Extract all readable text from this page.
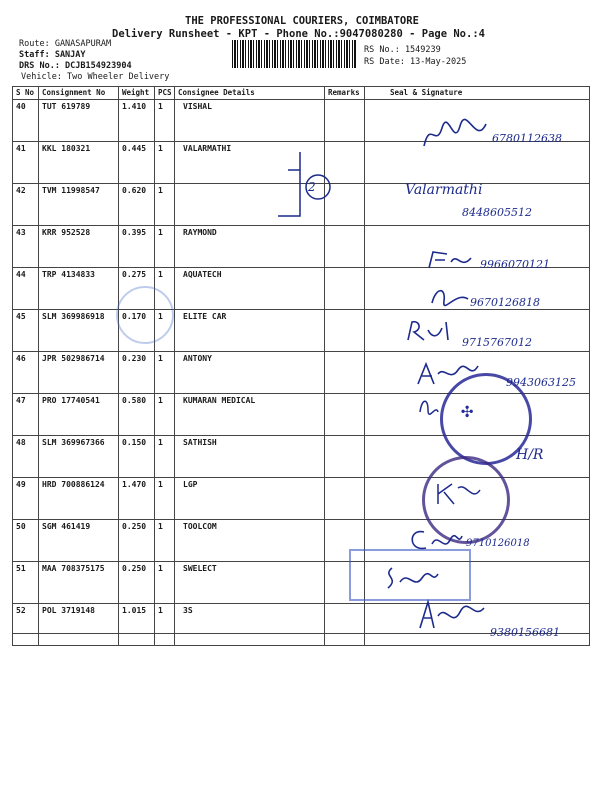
THE PROFESSIONAL COURIERS, COIMBATORE
Delivery Runsheet - KPT - Phone No.:9047080280 - Page No.:4
Route: GANASAPURAM
Staff: SANJAY
DRS No.: DCJB154923904
Vehicle: Two Wheeler Delivery
RS No.: 1549239
RS Date: 13-May-2025
S No	Consignment No	Weight	PCS	Consignee Details	Remarks	Seal & Signature
40	TUT 619789	1.410	1	VISHAL		
41	KKL 180321	0.445	1	VALARMATHI		
42	TVM 11998547	0.620	1			
43	KRR 952528	0.395	1	RAYMOND		
44	TRP 4134833	0.275	1	AQUATECH		
45	SLM 369986918	0.170	1	ELITE CAR		
46	JPR 502986714	0.230	1	ANTONY		
47	PRO 17740541	0.580	1	KUMARAN MEDICAL		
48	SLM 369967366	0.150	1	SATHISH		
49	HRD 700886124	1.470	1	LGP		
50	SGM 461419	0.250	1	TOOLCOM		
51	MAA 708375175	0.250	1	SWELECT		
52	POL 3719148	1.015	1	3S		
✣
2
6780112638
Valarmathi
8448605512
9966070121
9670126818
9715767012
9943063125
H/R
9710126018
9380156681
